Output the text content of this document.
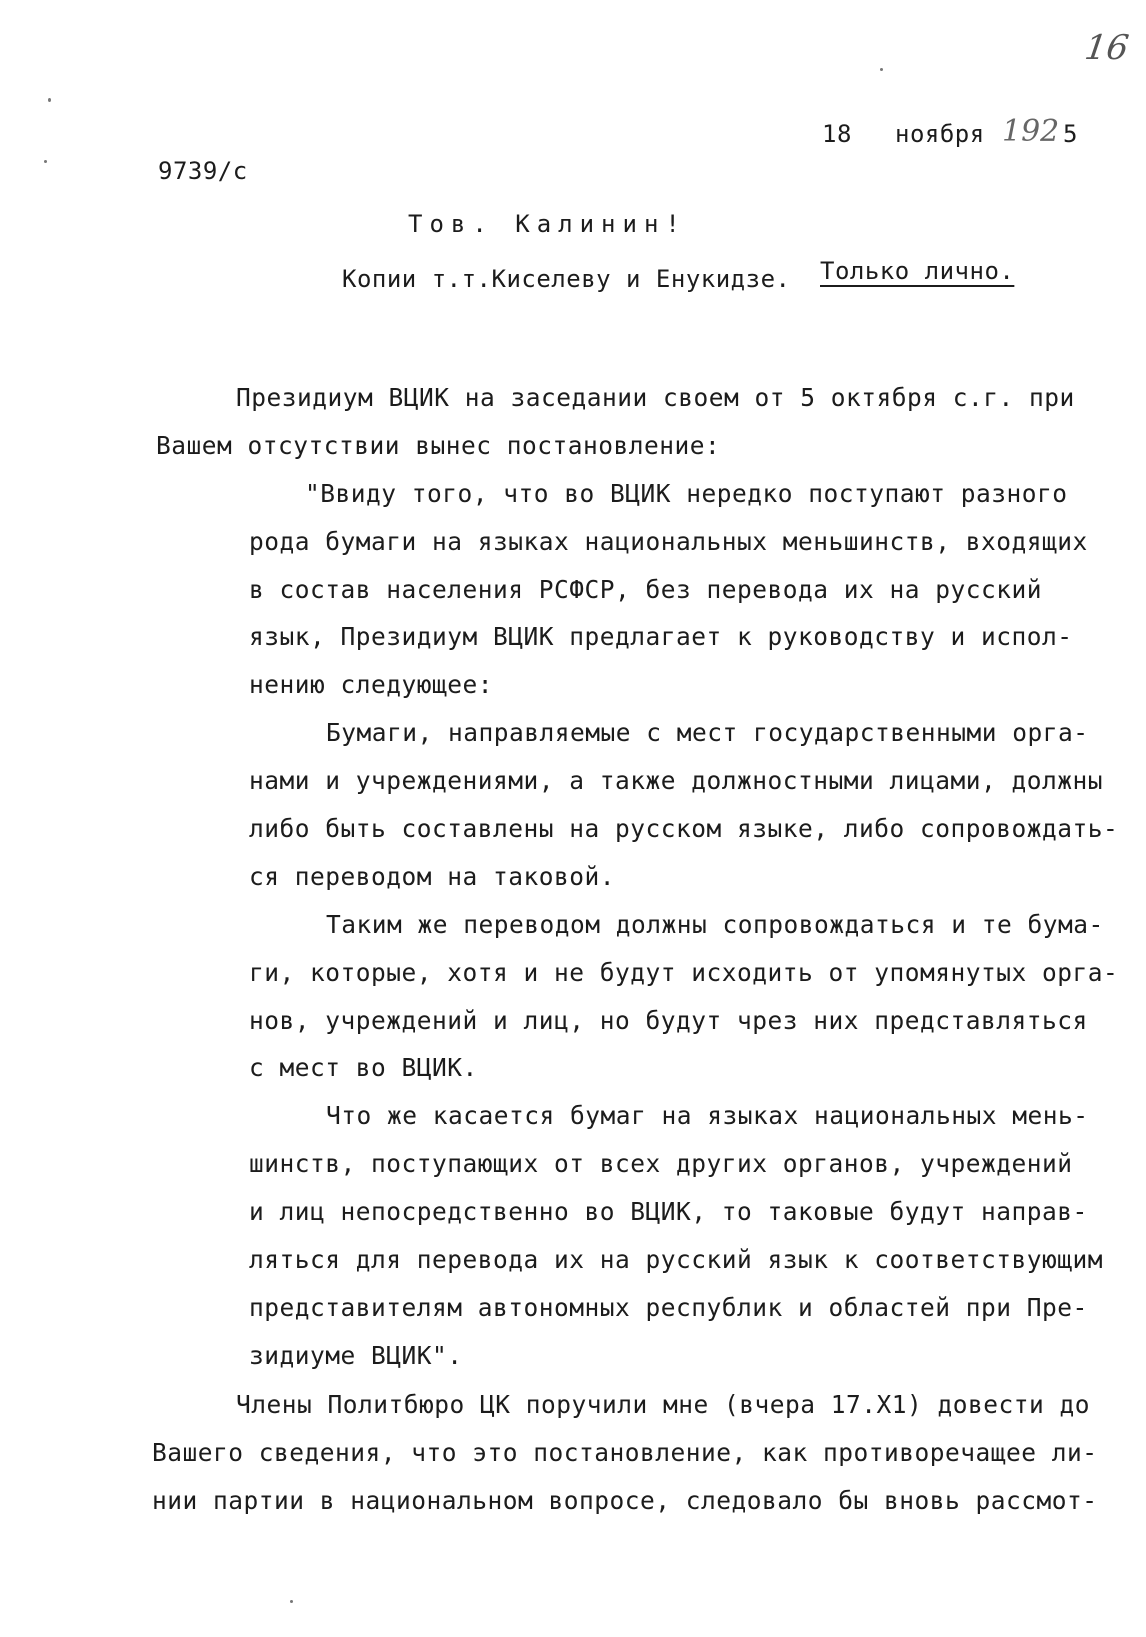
16
18 ноября 192 5
9739/с
Тов. Калинин!
Копии т.т.Киселеву и Енукидзе. Только лично.
Президиум ВЦИК на заседании своем от 5 октября с.г. при
Вашем отсутствии вынес постановление:
"Ввиду того, что во ВЦИК нередко поступают разного
рода бумаги на языках национальных меньшинств, входящих
в состав населения РСФСР, без перевода их на русский
язык, Президиум ВЦИК предлагает к руководству и испол-
нению следующее:
Бумаги, направляемые с мест государственными орга-
нами и учреждениями, а также должностными лицами, должны
либо быть составлены на русском языке, либо сопровождать-
ся переводом на таковой.
Таким же переводом должны сопровождаться и те бума-
ги, которые, хотя и не будут исходить от упомянутых орга-
нов, учреждений и лиц, но будут чрез них представляться
с мест во ВЦИК.
Что же касается бумаг на языках национальных мень-
шинств, поступающих от всех других органов, учреждений
и лиц непосредственно во ВЦИК, то таковые будут направ-
ляться для перевода их на русский язык к соответствующим
представителям автономных республик и областей при Пре-
зидиуме ВЦИК".
Члены Политбюро ЦК поручили мне (вчера 17.Х1) довести до
Вашего сведения, что это постановление, как противоречащее ли-
нии партии в национальном вопросе, следовало бы вновь рассмот-
